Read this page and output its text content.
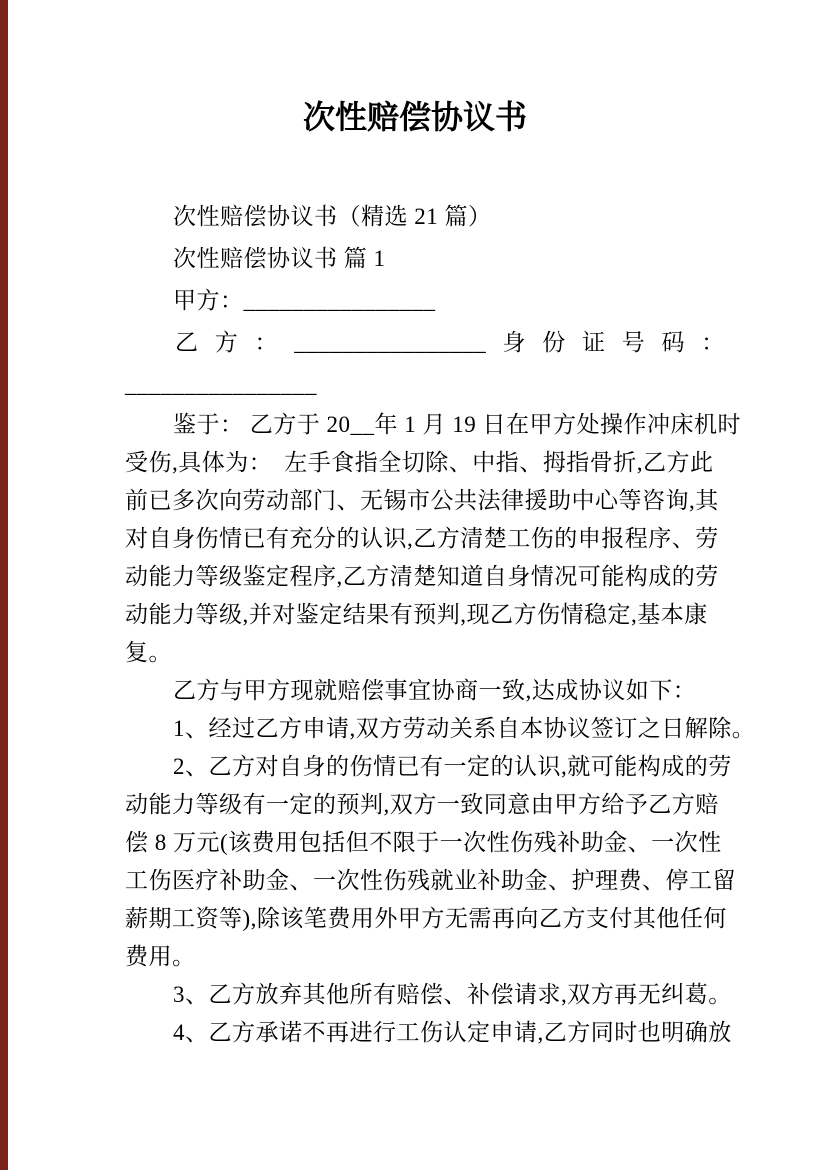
次性赔偿协议书
次性赔偿协议书（精选 21 篇）
次性赔偿协议书 篇 1
甲方：________________
乙 方 ： ________________ 身 份 证 号 码 ：
________________
鉴于： 乙方于 20__年 1 月 19 日在甲方处操作冲床机时
受伤,具体为：　左手食指全切除、中指、拇指骨折,乙方此
前已多次向劳动部门、无锡市公共法律援助中心等咨询,其
对自身伤情已有充分的认识,乙方清楚工伤的申报程序、劳
动能力等级鉴定程序,乙方清楚知道自身情况可能构成的劳
动能力等级,并对鉴定结果有预判,现乙方伤情稳定,基本康
复。
乙方与甲方现就赔偿事宜协商一致,达成协议如下：
1、经过乙方申请,双方劳动关系自本协议签订之日解除。
2、乙方对自身的伤情已有一定的认识,就可能构成的劳
动能力等级有一定的预判,双方一致同意由甲方给予乙方赔
偿 8 万元(该费用包括但不限于一次性伤残补助金、一次性
工伤医疗补助金、一次性伤残就业补助金、护理费、停工留
薪期工资等),除该笔费用外甲方无需再向乙方支付其他任何
费用。
3、乙方放弃其他所有赔偿、补偿请求,双方再无纠葛。
4、乙方承诺不再进行工伤认定申请,乙方同时也明确放
